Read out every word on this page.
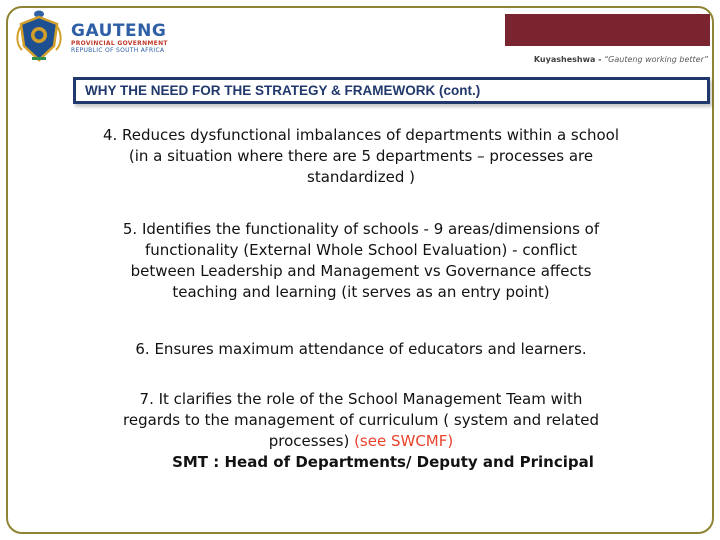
GAUTENG
PROVINCIAL GOVERNMENT
REPUBLIC OF SOUTH AFRICA
Kuyasheshwa - “Gauteng working better”
WHY THE NEED FOR THE STRATEGY & FRAMEWORK (cont.)
4. Reduces dysfunctional imbalances of departments within a school
(in a situation where there are 5 departments – processes are
standardized )
5. Identifies the functionality of schools - 9 areas/dimensions of
functionality (External Whole School Evaluation) - conflict
between Leadership and Management vs Governance affects
teaching and learning (it serves as an entry point)
6. Ensures maximum attendance of educators and learners.
7. It clarifies the role of the School Management Team with
regards to the management of curriculum ( system and related
processes) (see SWCMF)
SMT : Head of Departments/ Deputy and Principal
